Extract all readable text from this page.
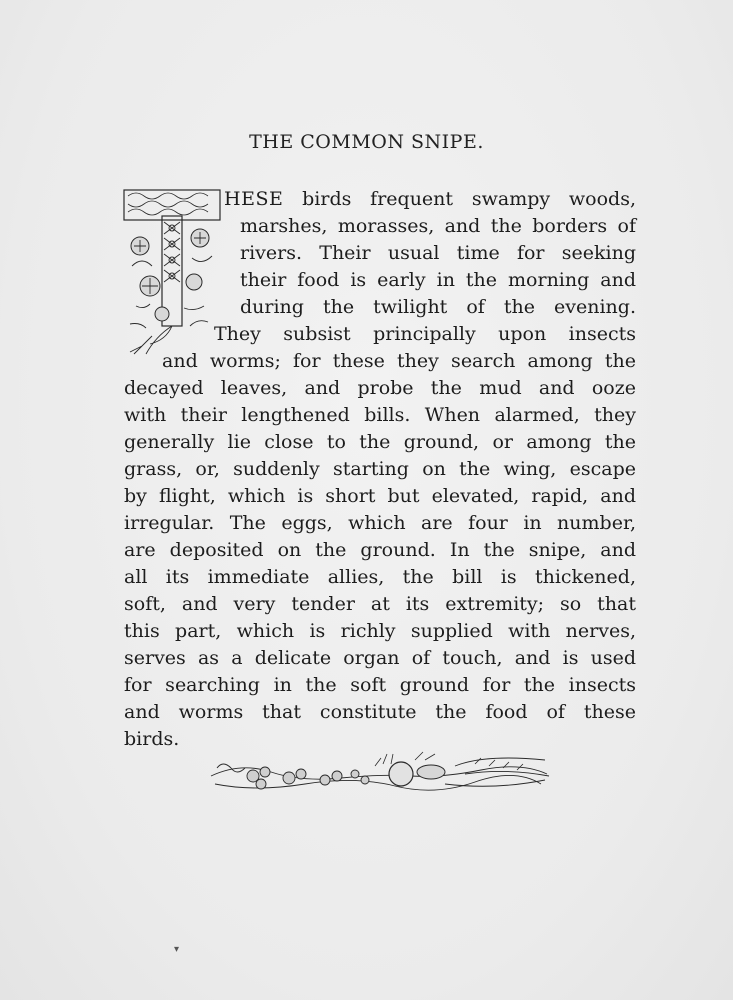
THE COMMON SNIPE.
HESE birds frequent swampy woods,
marshes, morasses, and the borders of
rivers. Their usual time for seeking
their food is early in the morning and
during the twilight of the evening.
They subsist principally upon insects
and worms; for these they search among the
decayed leaves, and probe the mud and ooze
with their lengthened bills. When alarmed, they
generally lie close to the ground, or among the
grass, or, suddenly starting on the wing, escape
by flight, which is short but elevated, rapid, and
irregular. The eggs, which are four in number,
are deposited on the ground. In the snipe, and
all its immediate allies, the bill is thickened,
soft, and very tender at its extremity; so that
this part, which is richly supplied with nerves,
serves as a delicate organ of touch, and is used
for searching in the soft ground for the insects
and worms that constitute the food of these
birds.
▾
